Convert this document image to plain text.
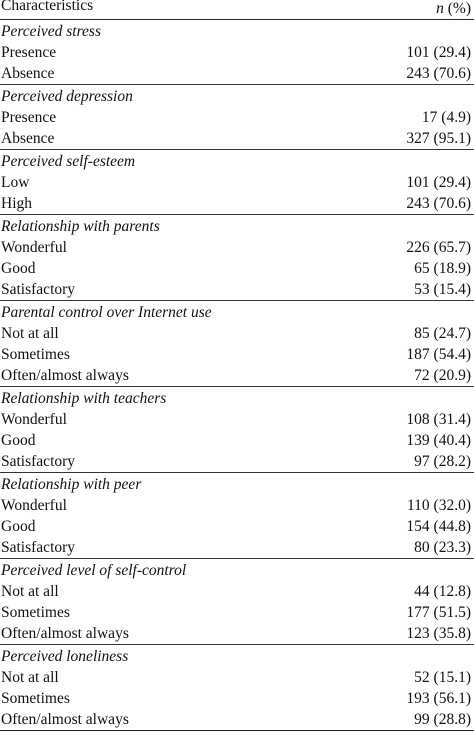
Characteristics	n (%)
Perceived stress
Presence	101 (29.4)
Absence	243 (70.6)
Perceived depression
Presence	17 (4.9)
Absence	327 (95.1)
Perceived self-esteem
Low	101 (29.4)
High	243 (70.6)
Relationship with parents
Wonderful	226 (65.7)
Good	65 (18.9)
Satisfactory	53 (15.4)
Parental control over Internet use
Not at all	85 (24.7)
Sometimes	187 (54.4)
Often/almost always	72 (20.9)
Relationship with teachers
Wonderful	108 (31.4)
Good	139 (40.4)
Satisfactory	97 (28.2)
Relationship with peer
Wonderful	110 (32.0)
Good	154 (44.8)
Satisfactory	80 (23.3)
Perceived level of self-control
Not at all	44 (12.8)
Sometimes	177 (51.5)
Often/almost always	123 (35.8)
Perceived loneliness
Not at all	52 (15.1)
Sometimes	193 (56.1)
Often/almost always	99 (28.8)
